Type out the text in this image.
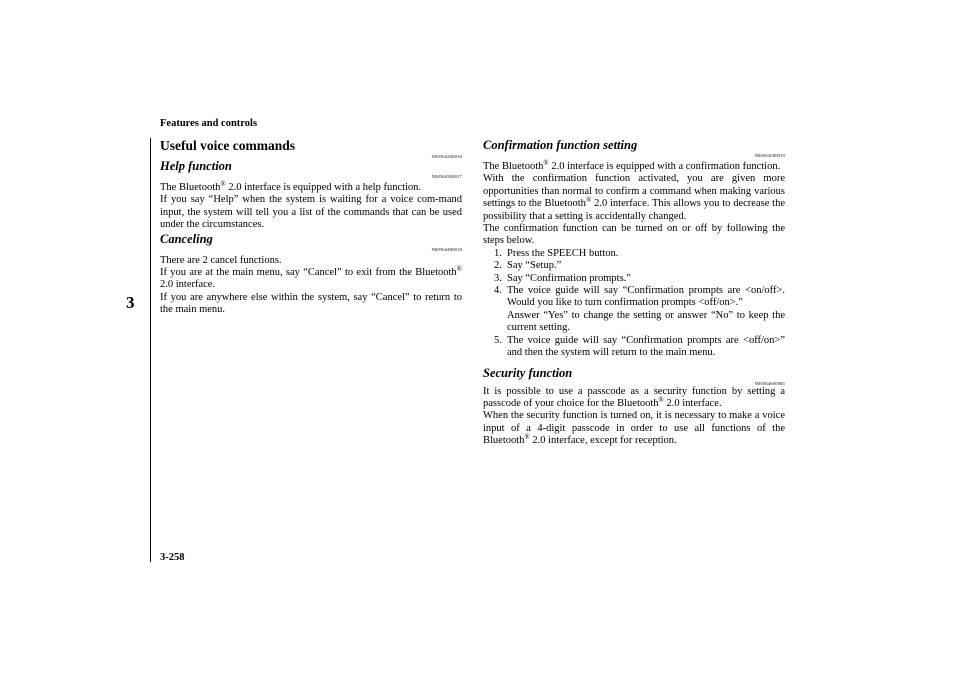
Features and controls
3
Useful voice commands
N00564200016
Help function
N00564300017

The Bluetooth® 2.0 interface is equipped with a help function.

If you say “Help” when the system is waiting for a voice com-mand input, the system will tell you a list of the commands that can be used under the circumstances.

Canceling
N00564400018

There are 2 cancel functions.

If you are at the main menu, say “Cancel” to exit from the Bluetooth® 2.0 interface.

If you are anywhere else within the system, say “Cancel” to return to the main menu.

Confirmation function setting
N00564500019

The Bluetooth® 2.0 interface is equipped with a confirmation function.

With the confirmation function activated, you are given more opportunities than normal to confirm a command when making various settings to the Bluetooth® 2.0 interface. This allows you to decrease the possibility that a setting is accidentally changed.

The confirmation function can be turned on or off by following the steps below.

1. Press the SPEECH button.
2. Say “Setup.”
3. Say “Confirmation prompts.”
4. The voice guide will say “Confirmation prompts are <on/off>. Would you like to turn confirmation prompts <off/on>.”
Answer “Yes” to change the setting or answer “No” to keep the current setting.
5. The voice guide will say “Confirmation prompts are <off/on>” and then the system will return to the main menu.
Security function
N00564600065

It is possible to use a passcode as a security function by setting a passcode of your choice for the Bluetooth® 2.0 interface.

When the security function is turned on, it is necessary to make a voice input of a 4-digit passcode in order to use all functions of the Bluetooth® 2.0 interface, except for reception.

3-258
